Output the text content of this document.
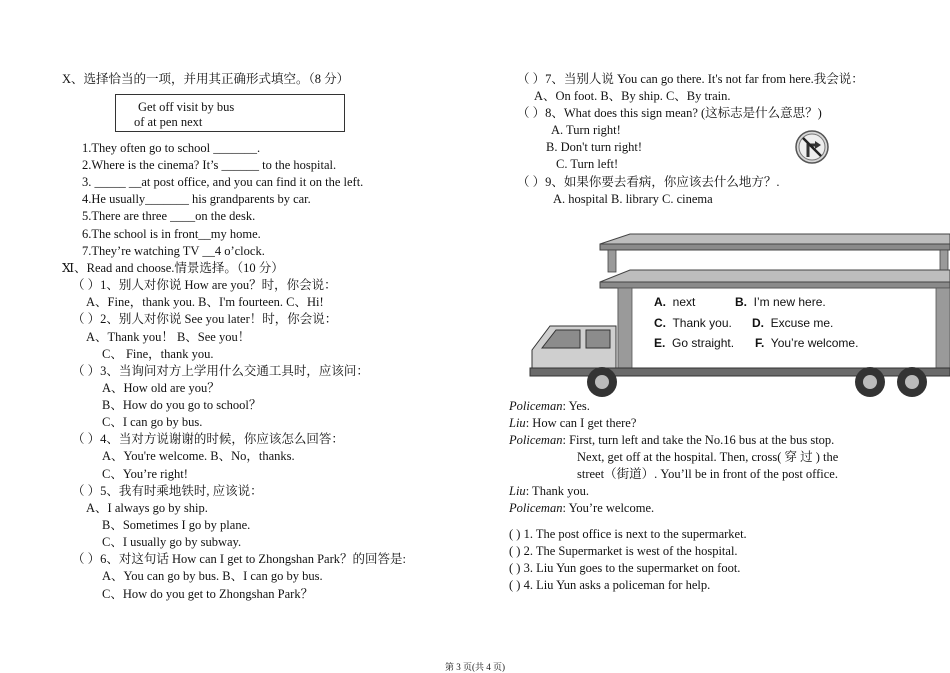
X、选择恰当的一项，并用其正确形式填空。（8 分）
Get off visit by bus
of at pen next
1.They often go to school _______.
2.Where is the cinema? It’s ______ to the hospital.
3. _____ __at post office, and you can find it on the left.
4.He usually_______ his grandparents by car.
5.There are three ____on the desk.
6.The school is in front__my home.
7.They’re watching TV __4 o’clock.
Ⅺ、Read and choose.情景选择。（10 分）
（ ）1、别人对你说 How are you？时，你会说：
A、Fine，thank you. B、I'm fourteen. C、Hi!
（ ）2、别人对你说 See you later！时，你会说：
A、Thank you！ B、See you！
C、 Fine，thank you.
（ ）3、当询问对方上学用什么交通工具时，应该问：
A、How old are you？
B、How do you go to school？
C、I can go by bus.
（ ）4、当对方说谢谢的时候，你应该怎么回答：
A、You're welcome. B、No，thanks.
C、You’re right!
（ ）5、我有时乘地铁时, 应该说：
A、I always go by ship.
B、Sometimes I go by plane.
C、I usually go by subway.
（ ）6、对这句话 How can I get to Zhongshan Park？的回答是:
A、You can go by bus. B、I can go by bus.
C、How do you get to Zhongshan Park？
（ ）7、当别人说 You can go there. It's not far from here.我会说：
A、On foot. B、By ship. C、By train.
（ ）8、What does this sign mean? (这标志是什么意思？)
A. Turn right!
B. Don't turn right!
C. Turn left!
（ ）9、如果你要去看病，你应该去什么地方？.
A. hospital B. library C. cinema
A. next	B. I’m new here.
C. Thank you. D. Excuse me.
E. Go straight. F. You’re welcome.
Policeman: Yes.
Liu: How can I get there?
Policeman: First, turn left and take the No.16 bus at the bus stop.
Next, get off at the hospital. Then, cross( 穿 过 ) the
street（街道）. You’ll be in front of the post office.
Liu: Thank you.
Policeman: You’re welcome.
( ) 1. The post office is next to the supermarket.
( ) 2. The Supermarket is west of the hospital.
( ) 3. Liu Yun goes to the supermarket on foot.
( ) 4. Liu Yun asks a policeman for help.
第 3 页(共 4 页)
